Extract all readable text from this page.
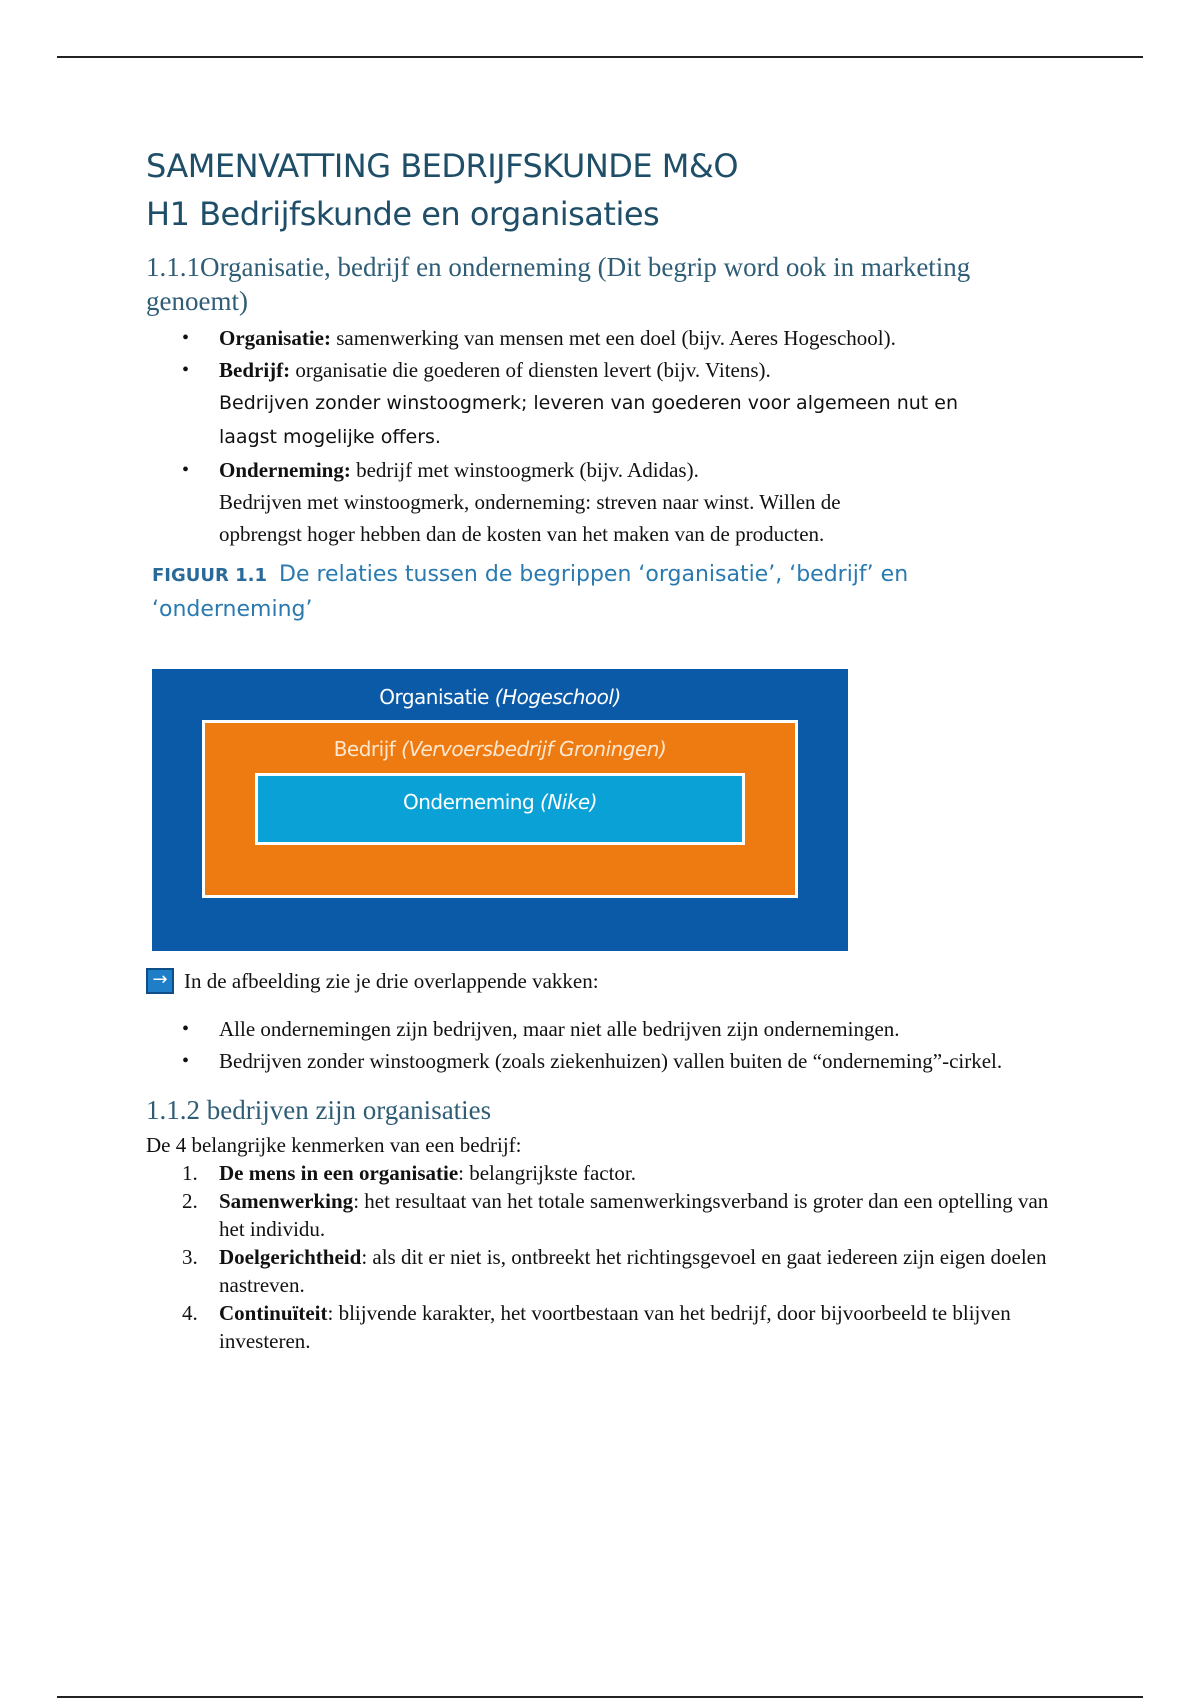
SAMENVATTING BEDRIJFSKUNDE M&O
H1 Bedrijfskunde en organisaties
1.1.1Organisatie, bedrijf en onderneming (Dit begrip word ook in marketing genoemt)
• Organisatie: samenwerking van mensen met een doel (bijv. Aeres Hogeschool).
• Bedrijf: organisatie die goederen of diensten levert (bijv. Vitens).
Bedrijven zonder winstoogmerk; leveren van goederen voor algemeen nut en
laagst mogelijke offers.
• Onderneming: bedrijf met winstoogmerk (bijv. Adidas).
Bedrijven met winstoogmerk, onderneming: streven naar winst. Willen de
opbrengst hoger hebben dan de kosten van het maken van de producten.
FIGUUR 1.1 De relaties tussen de begrippen ‘organisatie’, ‘bedrijf’ en ‘onderneming’
Organisatie (Hogeschool)
Bedrijf (Vervoersbedrijf Groningen)
Onderneming (Nike)
→ In de afbeelding zie je drie overlappende vakken:
• Alle ondernemingen zijn bedrijven, maar niet alle bedrijven zijn ondernemingen.
• Bedrijven zonder winstoogmerk (zoals ziekenhuizen) vallen buiten de “onderneming”-cirkel.
1.1.2 bedrijven zijn organisaties
De 4 belangrijke kenmerken van een bedrijf:
1. De mens in een organisatie: belangrijkste factor.
2. Samenwerking: het resultaat van het totale samenwerkingsverband is groter dan een optelling van het individu.
3. Doelgerichtheid: als dit er niet is, ontbreekt het richtingsgevoel en gaat iedereen zijn eigen doelen nastreven.
4. Continuïteit: blijvende karakter, het voortbestaan van het bedrijf, door bijvoorbeeld te blijven investeren.
